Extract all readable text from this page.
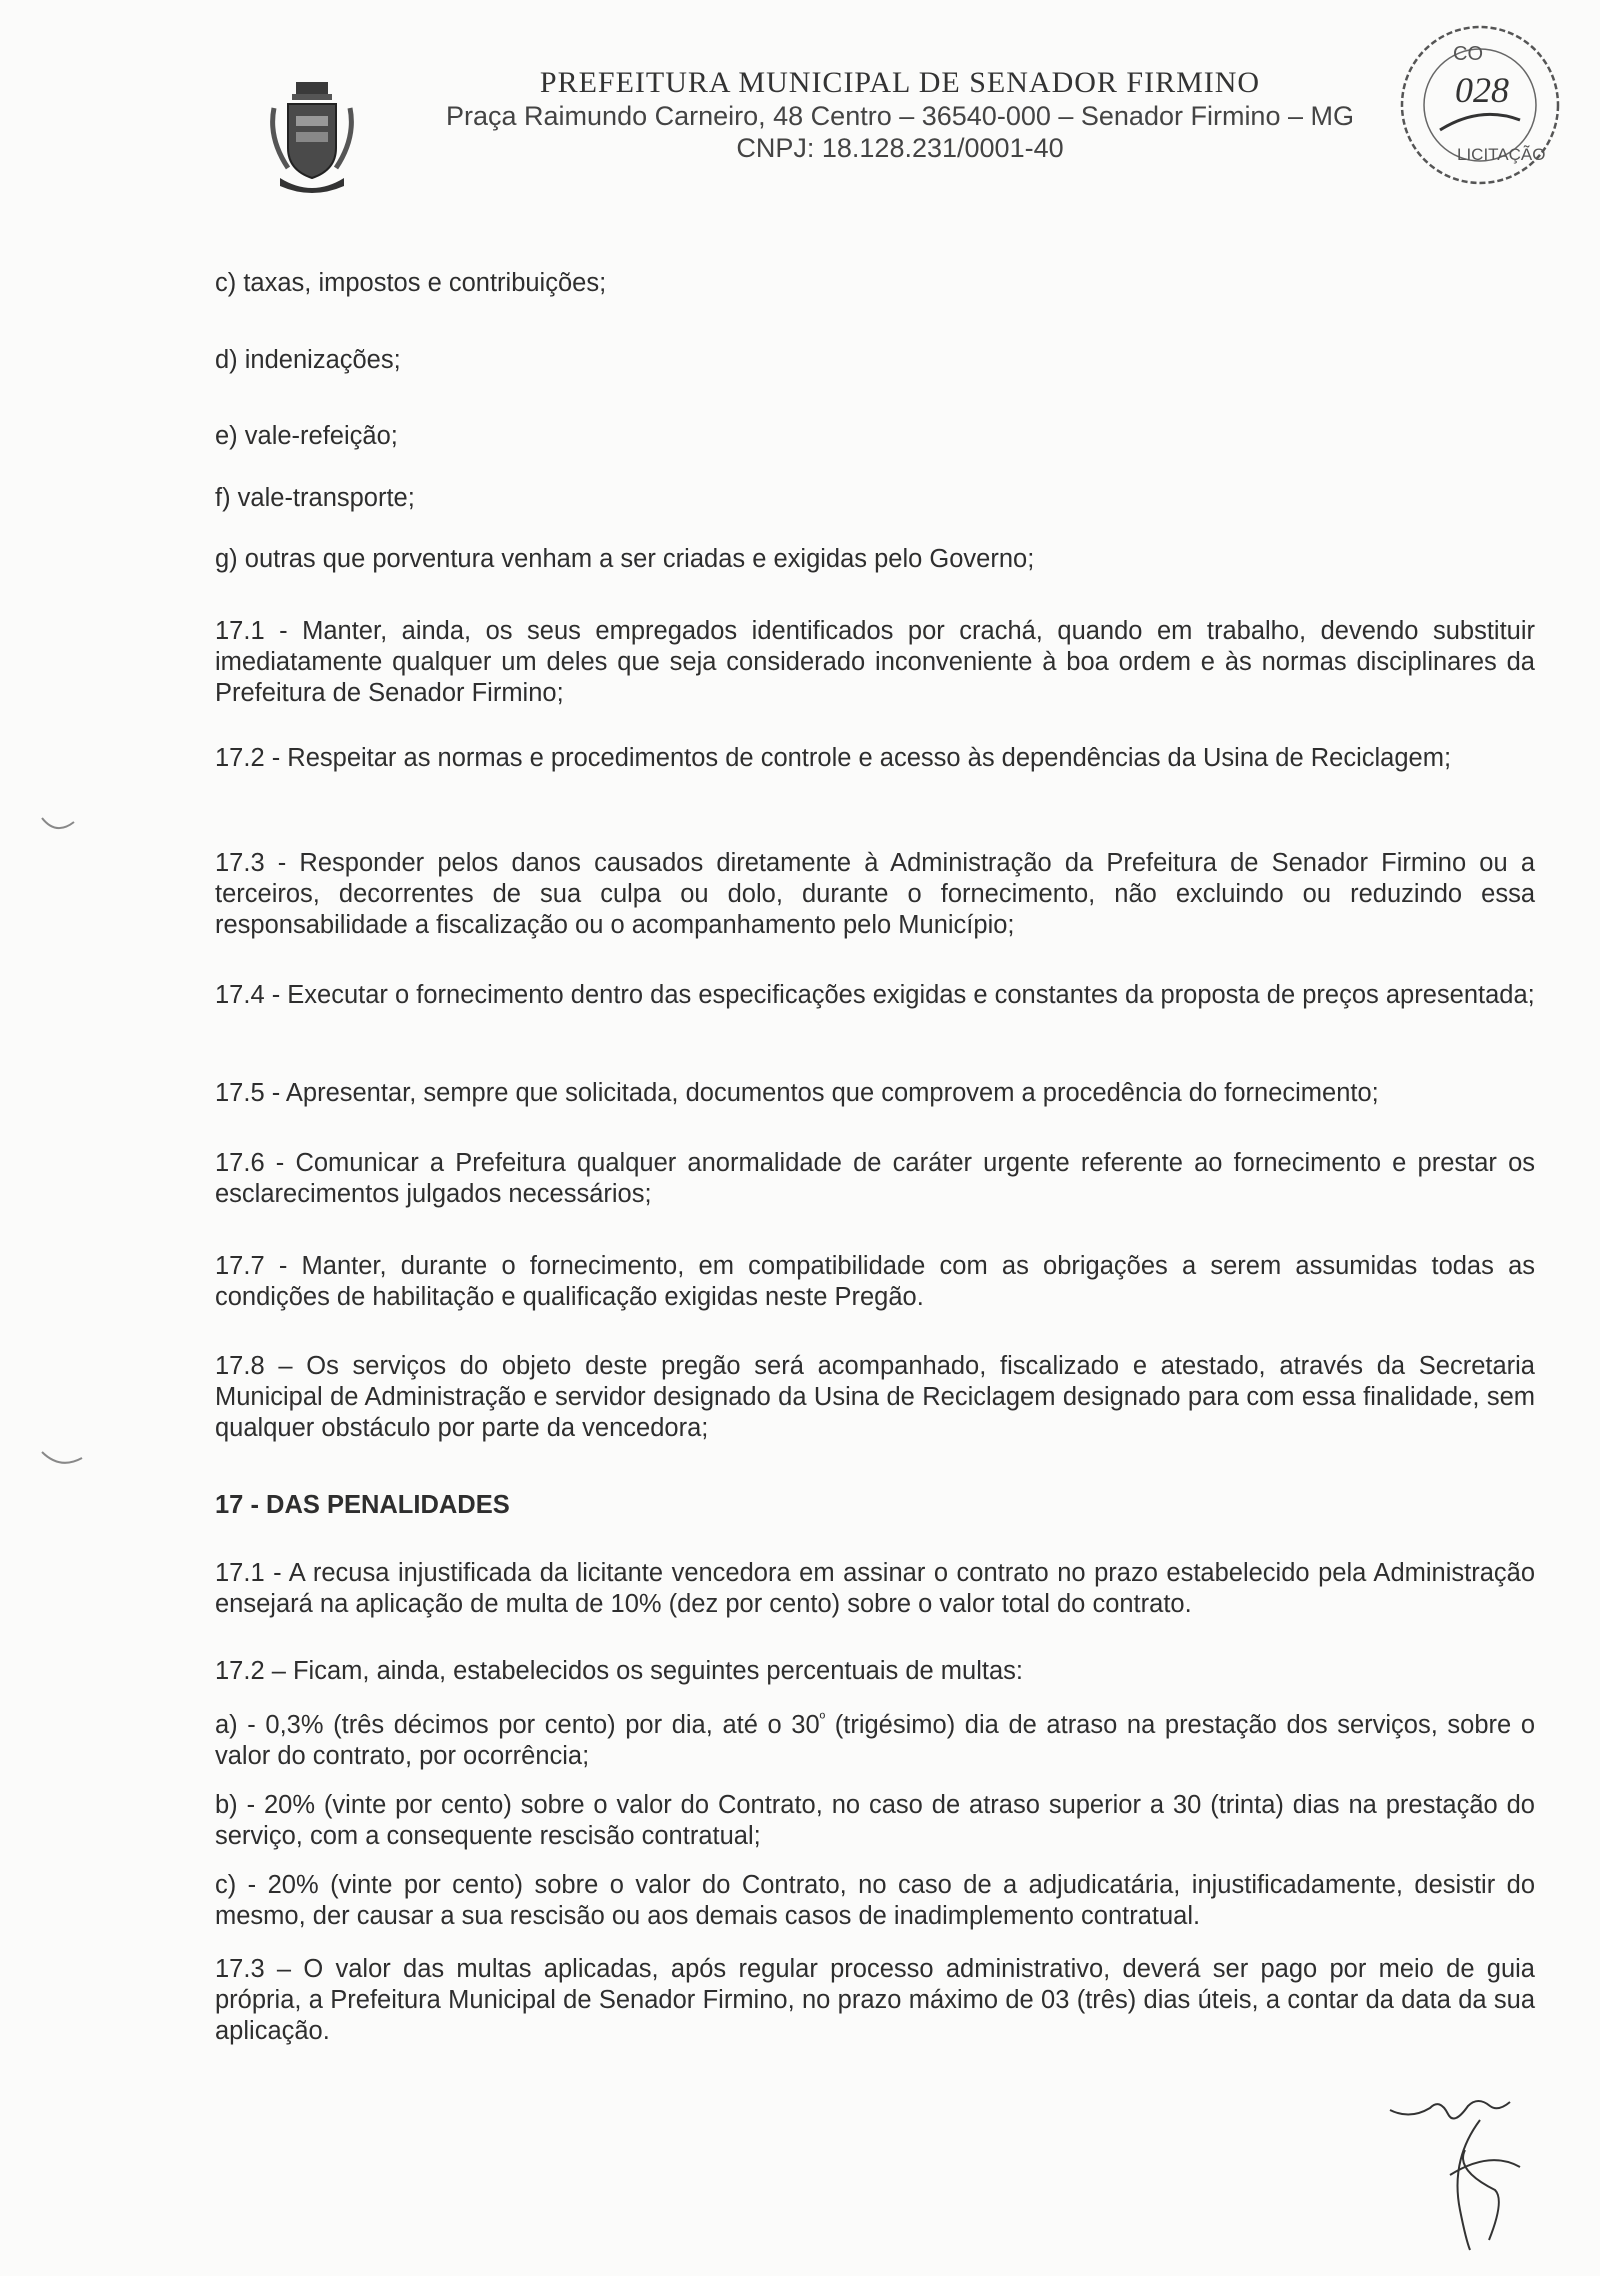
PREFEITURA MUNICIPAL DE SENADOR FIRMINO
Praça Raimundo Carneiro, 48 Centro – 36540-000 – Senador Firmino – MG
CNPJ: 18.128.231/0001-40
CO
028
LICITAÇÃO

c) taxas, impostos e contribuições;

d) indenizações;

e) vale-refeição;

f) vale-transporte;

g) outras que porventura venham a ser criadas e exigidas pelo Governo;

17.1 - Manter, ainda, os seus empregados identificados por crachá, quando em trabalho, devendo substituir imediatamente qualquer um deles que seja considerado inconveniente à boa ordem e às normas disciplinares da Prefeitura de Senador Firmino;

17.2 - Respeitar as normas e procedimentos de controle e acesso às dependências da Usina de Reciclagem;

17.3 - Responder pelos danos causados diretamente à Administração da Prefeitura de Senador Firmino ou a terceiros, decorrentes de sua culpa ou dolo, durante o fornecimento, não excluindo ou reduzindo essa responsabilidade a fiscalização ou o acompanhamento pelo Município;

17.4 - Executar o fornecimento dentro das especificações exigidas e constantes da proposta de preços apresentada;

17.5 - Apresentar, sempre que solicitada, documentos que comprovem a procedência do fornecimento;

17.6 - Comunicar a Prefeitura qualquer anormalidade de caráter urgente referente ao fornecimento e prestar os esclarecimentos julgados necessários;

17.7 - Manter, durante o fornecimento, em compatibilidade com as obrigações a serem assumidas todas as condições de habilitação e qualificação exigidas neste Pregão.

17.8 – Os serviços do objeto deste pregão será acompanhado, fiscalizado e atestado, através da Secretaria Municipal de Administração e servidor designado da Usina de Reciclagem designado para com essa finalidade, sem qualquer obstáculo por parte da vencedora;

17 - DAS PENALIDADES

17.1 - A recusa injustificada da licitante vencedora em assinar o contrato no prazo estabelecido pela Administração ensejará na aplicação de multa de 10% (dez por cento) sobre o valor total do contrato.

17.2 – Ficam, ainda, estabelecidos os seguintes percentuais de multas:

a) - 0,3% (três décimos por cento) por dia, até o $30^º$ (trigésimo) dia de atraso na prestação dos serviços, sobre o valor do contrato, por ocorrência;

b) - 20% (vinte por cento) sobre o valor do Contrato, no caso de atraso superior a 30 (trinta) dias na prestação do serviço, com a consequente rescisão contratual;

c) - 20% (vinte por cento) sobre o valor do Contrato, no caso de a adjudicatária, injustificadamente, desistir do mesmo, der causar a sua rescisão ou aos demais casos de inadimplemento contratual.

17.3 – O valor das multas aplicadas, após regular processo administrativo, deverá ser pago por meio de guia própria, a Prefeitura Municipal de Senador Firmino, no prazo máximo de 03 (três) dias úteis, a contar da data da sua aplicação.
